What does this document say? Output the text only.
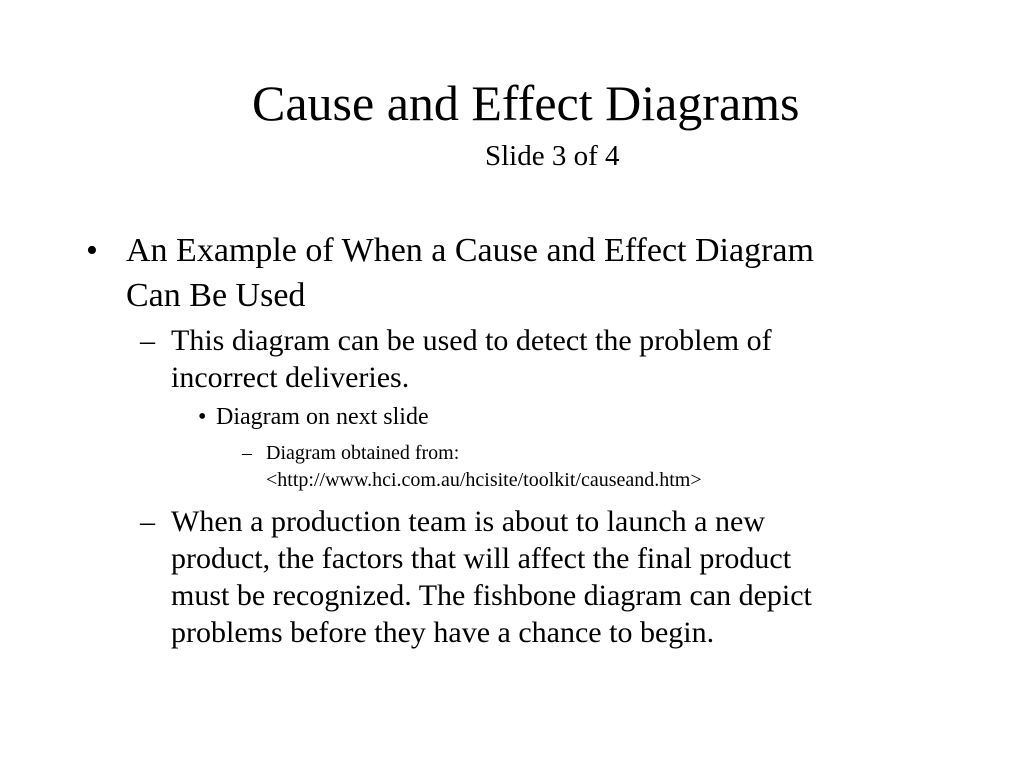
Cause and Effect Diagrams

Slide 3 of 4

• An Example of When a Cause and Effect Diagram
Can Be Used
– This diagram can be used to detect the problem of
incorrect deliveries.
• Diagram on next slide
– Diagram obtained from:
<http://www.hci.com.au/hcisite/toolkit/causeand.htm>
– When a production team is about to launch a new
product, the factors that will affect the final product
must be recognized. The fishbone diagram can depict
problems before they have a chance to begin.
